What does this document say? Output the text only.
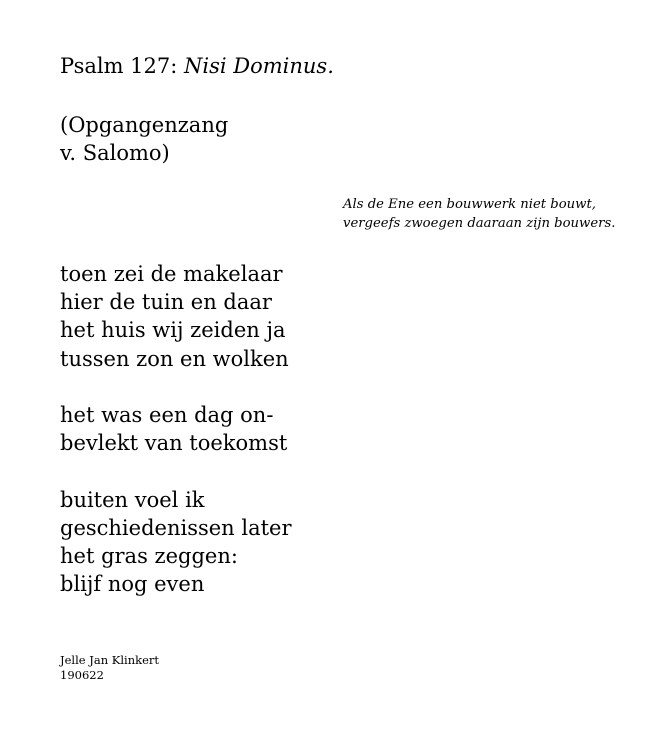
Psalm 127: Nisi Dominus.

(Opgangenzang
v. Salomo)

Als de Ene een bouwwerk niet bouwt,
vergeefs zwoegen daaraan zijn bouwers.

toen zei de makelaar
hier de tuin en daar
het huis wij zeiden ja
tussen zon en wolken
het was een dag on-
bevlekt van toekomst
buiten voel ik
geschiedenissen later
het gras zeggen:
blijf nog even
Jelle Jan Klinkert
190622
